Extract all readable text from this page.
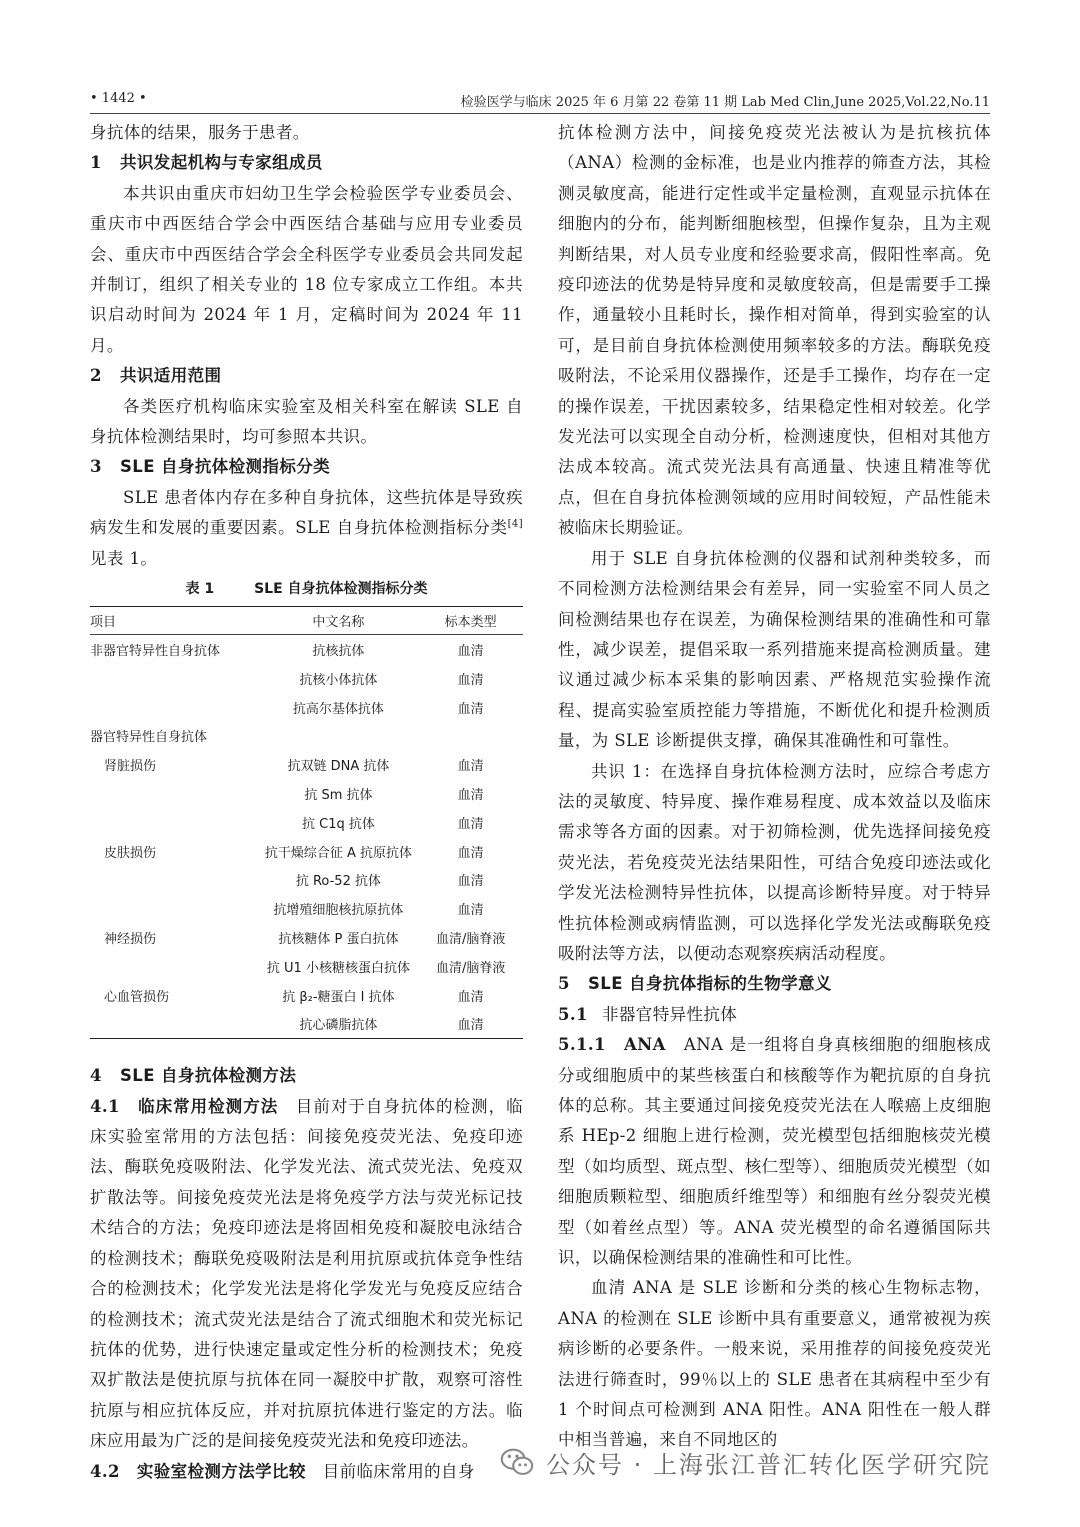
• 1442 •	检验医学与临床 2025 年 6 月第 22 卷第 11 期 Lab Med Clin,June 2025,Vol.22,No.11

身抗体的结果，服务于患者。

1 共识发起机构与专家组成员

本共识由重庆市妇幼卫生学会检验医学专业委员会、重庆市中西医结合学会中西医结合基础与应用专业委员会、重庆市中西医结合学会全科医学专业委员会共同发起并制订，组织了相关专业的 18 位专家成立工作组。本共识启动时间为 2024 年 1 月，定稿时间为 2024 年 11 月。

2 共识适用范围

各类医疗机构临床实验室及相关科室在解读 SLE 自身抗体检测结果时，均可参照本共识。

3 SLE 自身抗体检测指标分类

SLE 患者体内存在多种自身抗体，这些抗体是导致疾病发生和发展的重要因素。SLE 自身抗体检测指标分类[4]见表 1。

表 1	SLE 自身抗体检测指标分类
项目	中文名称	标本类型
非器官特异性自身抗体	抗核抗体	血清
	抗核小体抗体	血清
	抗高尔基体抗体	血清
器官特异性自身抗体		
肾脏损伤	抗双链 DNA 抗体	血清
	抗 Sm 抗体	血清
	抗 C1q 抗体	血清
皮肤损伤	抗干燥综合征 A 抗原抗体	血清
	抗 Ro-52 抗体	血清
	抗增殖细胞核抗原抗体	血清
神经损伤	抗核糖体 P 蛋白抗体	血清/脑脊液
	抗 U1 小核糖核蛋白抗体	血清/脑脊液
心血管损伤	抗 β₂-糖蛋白 Ⅰ 抗体	血清
	抗心磷脂抗体	血清
4 SLE 自身抗体检测方法

4.1　 临床常用检测方法　 目前对于自身抗体的检测，临床实验室常用的方法包括：间接免疫荧光法、免疫印迹法、酶联免疫吸附法、化学发光法、流式荧光法、免疫双扩散法等。间接免疫荧光法是将免疫学方法与荧光标记技术结合的方法；免疫印迹法是将固相免疫和凝胶电泳结合的检测技术；酶联免疫吸附法是利用抗原或抗体竞争性结合的检测技术；化学发光法是将化学发光与免疫反应结合的检测技术；流式荧光法是结合了流式细胞术和荧光标记抗体的优势，进行快速定量或定性分析的检测技术；免疫双扩散法是使抗原与抗体在同一凝胶中扩散，观察可溶性抗原与相应抗体反应，并对抗原抗体进行鉴定的方法。临床应用最为广泛的是间接免疫荧光法和免疫印迹法。

4.2　 实验室检测方法学比较　 目前临床常用的自身

抗体检测方法中，间接免疫荧光法被认为是抗核抗体（ANA）检测的金标准，也是业内推荐的筛查方法，其检测灵敏度高，能进行定性或半定量检测，直观显示抗体在细胞内的分布，能判断细胞核型，但操作复杂，且为主观判断结果，对人员专业度和经验要求高，假阳性率高。免疫印迹法的优势是特异度和灵敏度较高，但是需要手工操作，通量较小且耗时长，操作相对简单，得到实验室的认可，是目前自身抗体检测使用频率较多的方法。酶联免疫吸附法，不论采用仪器操作，还是手工操作，均存在一定的操作误差，干扰因素较多，结果稳定性相对较差。化学发光法可以实现全自动分析，检测速度快，但相对其他方法成本较高。流式荧光法具有高通量、快速且精准等优点，但在自身抗体检测领域的应用时间较短，产品性能未被临床长期验证。

用于 SLE 自身抗体检测的仪器和试剂种类较多，而不同检测方法检测结果会有差异，同一实验室不同人员之间检测结果也存在误差，为确保检测结果的准确性和可靠性，减少误差，提倡采取一系列措施来提高检测质量。建议通过减少标本采集的影响因素、严格规范实验操作流程、提高实验室质控能力等措施，不断优化和提升检测质量，为 SLE 诊断提供支撑，确保其准确性和可靠性。

共识 1：在选择自身抗体检测方法时，应综合考虑方法的灵敏度、特异度、操作难易程度、成本效益以及临床需求等各方面的因素。对于初筛检测，优先选择间接免疫荧光法，若免疫荧光法结果阳性，可结合免疫印迹法或化学发光法检测特异性抗体，以提高诊断特异度。对于特异性抗体检测或病情监测，可以选择化学发光法或酶联免疫吸附法等方法，以便动态观察疾病活动程度。

5 SLE 自身抗体指标的生物学意义
5.1 非器官特异性抗体

5.1.1　 ANA　 ANA 是一组将自身真核细胞的细胞核成分或细胞质中的某些核蛋白和核酸等作为靶抗原的自身抗体的总称。其主要通过间接免疫荧光法在人喉癌上皮细胞系 HEp-2 细胞上进行检测，荧光模型包括细胞核荧光模型（如均质型、斑点型、核仁型等）、细胞质荧光模型（如细胞质颗粒型、细胞质纤维型等）和细胞有丝分裂荧光模型（如着丝点型）等。ANA 荧光模型的命名遵循国际共识，以确保检测结果的准确性和可比性。

血清 ANA 是 SLE 诊断和分类的核心生物标志物，ANA 的检测在 SLE 诊断中具有重要意义，通常被视为疾病诊断的必要条件。一般来说，采用推荐的间接免疫荧光法进行筛查时，99％以上的 SLE 患者在其病程中至少有 1 个时间点可检测到 ANA 阳性。ANA 阳性在一般人群中相当普遍，来自不同地区的

公众号 · 上海张江普汇转化医学研究院
